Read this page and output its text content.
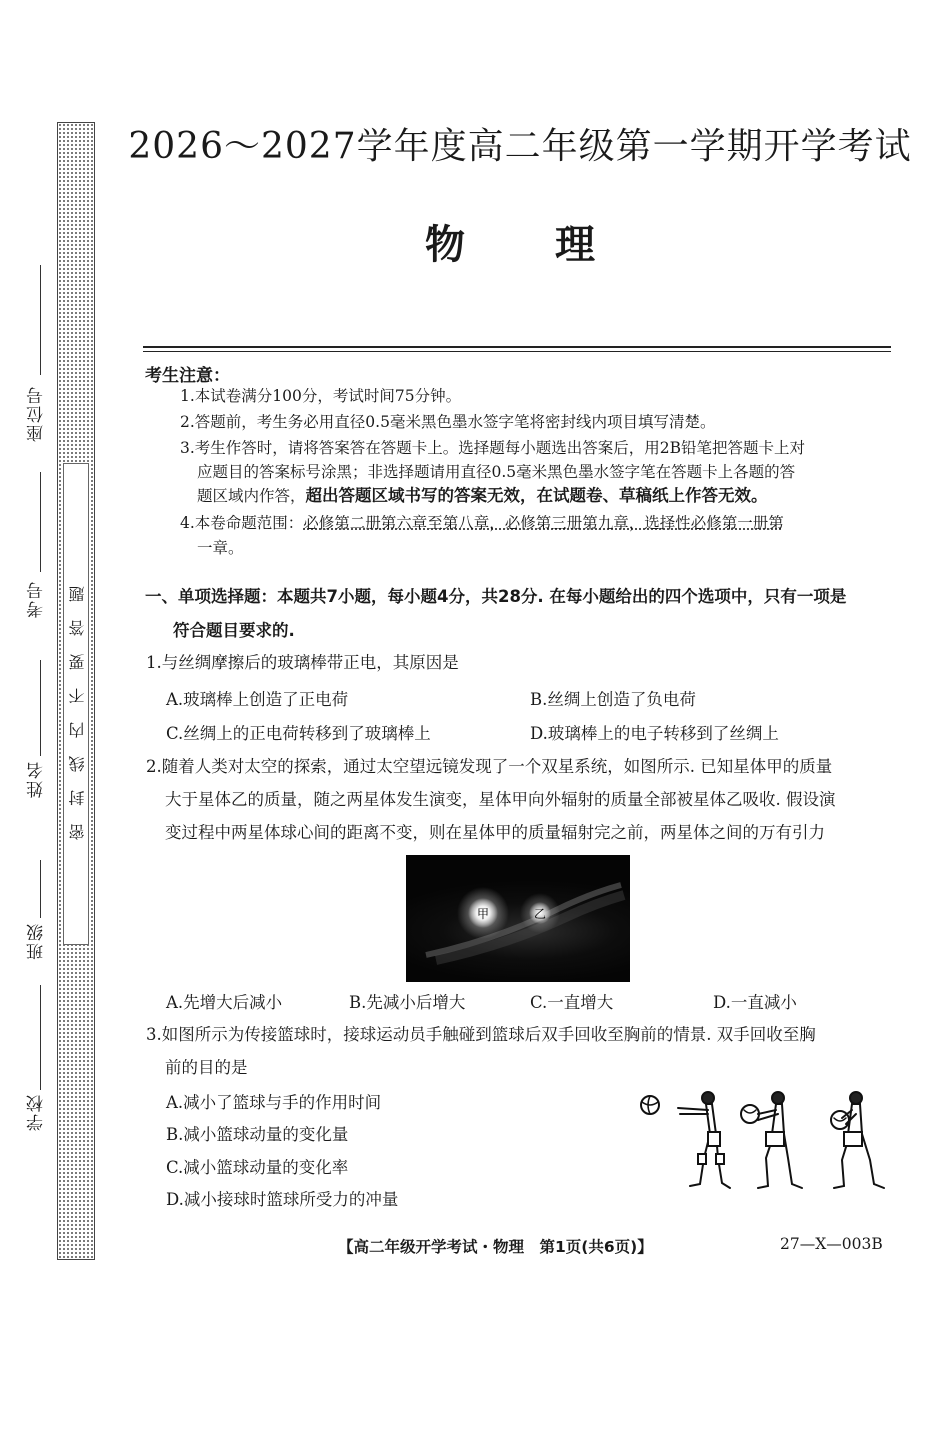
座位号
考号
姓名
班级
学校
密封线内不要答题
2026～2027学年度高二年级第一学期开学考试
物理
考生注意：
1.本试卷满分100分，考试时间75分钟。
2.答题前，考生务必用直径0.5毫米黑色墨水签字笔将密封线内项目填写清楚。
3.考生作答时，请将答案答在答题卡上。选择题每小题选出答案后，用2B铅笔把答题卡上对
应题目的答案标号涂黑；非选择题请用直径0.5毫米黑色墨水签字笔在答题卡上各题的答
题区域内作答，超出答题区域书写的答案无效，在试题卷、草稿纸上作答无效。
4.本卷命题范围：必修第二册第六章至第八章，必修第三册第九章，选择性必修第一册第
一章。
一、单项选择题：本题共7小题，每小题4分，共28分. 在每小题给出的四个选项中，只有一项是
符合题目要求的.
1.与丝绸摩擦后的玻璃棒带正电，其原因是
A.玻璃棒上创造了正电荷	B.丝绸上创造了负电荷
C.丝绸上的正电荷转移到了玻璃棒上	D.玻璃棒上的电子转移到了丝绸上
2.随着人类对太空的探索，通过太空望远镜发现了一个双星系统，如图所示. 已知星体甲的质量
大于星体乙的质量，随之两星体发生演变，星体甲向外辐射的质量全部被星体乙吸收. 假设演
变过程中两星体球心间的距离不变，则在星体甲的质量辐射完之前，两星体之间的万有引力
甲	乙
A.先增大后减小	B.先减小后增大	C.一直增大	D.一直减小
3.如图所示为传接篮球时，接球运动员手触碰到篮球后双手回收至胸前的情景. 双手回收至胸
前的目的是
A.减小了篮球与手的作用时间
B.减小篮球动量的变化量
C.减小篮球动量的变化率
D.减小接球时篮球所受力的冲量
【高二年级开学考试・物理　第1页(共6页)】	27—X—003B
